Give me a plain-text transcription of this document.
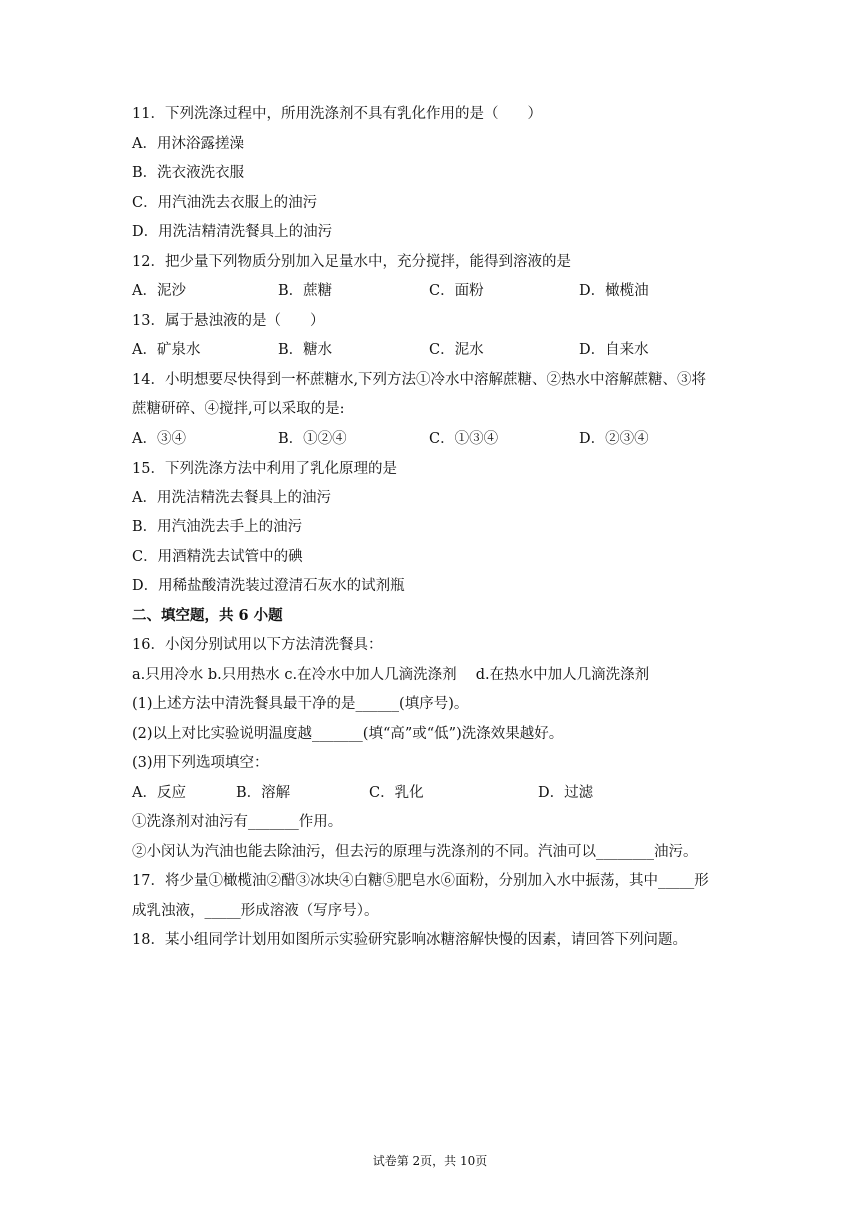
11．下列洗涤过程中，所用洗涤剂不具有乳化作用的是（　　）
A．用沐浴露搓澡
B．洗衣液洗衣服
C．用汽油洗去衣服上的油污
D．用洗洁精清洗餐具上的油污
12．把少量下列物质分别加入足量水中，充分搅拌，能得到溶液的是
A．泥沙	B．蔗糖	C．面粉	D．橄榄油
13．属于悬浊液的是（　　）
A．矿泉水	B．糖水	C．泥水	D．自来水
14．小明想要尽快得到一杯蔗糖水,下列方法①冷水中溶解蔗糖、②热水中溶解蔗糖、③将
蔗糖研碎、④搅拌,可以采取的是:
A．③④	B．①②④	C．①③④	D．②③④
15．下列洗涤方法中利用了乳化原理的是
A．用洗洁精洗去餐具上的油污
B．用汽油洗去手上的油污
C．用酒精洗去试管中的碘
D．用稀盐酸清洗装过澄清石灰水的试剂瓶
二、填空题，共 6 小题
16．小闵分别试用以下方法清洗餐具：
a.只用冷水 b.只用热水 c.在冷水中加人几滴洗涤剂　 d.在热水中加人几滴洗涤剂
(1)上述方法中清洗餐具最干净的是______(填序号)。
(2)以上对比实验说明温度越_______(填“高”或“低”)洗涤效果越好。
(3)用下列选项填空：
A．反应	B．溶解	C．乳化	D．过滤
①洗涤剂对油污有_______作用。
②小闵认为汽油也能去除油污，但去污的原理与洗涤剂的不同。汽油可以________油污。
17．将少量①橄榄油②醋③冰块④白糖⑤肥皂水⑥面粉，分别加入水中振荡，其中_____形
成乳浊液，_____形成溶液（写序号）。
18．某小组同学计划用如图所示实验研究影响冰糖溶解快慢的因素，请回答下列问题。
试卷第 2页，共 10页
